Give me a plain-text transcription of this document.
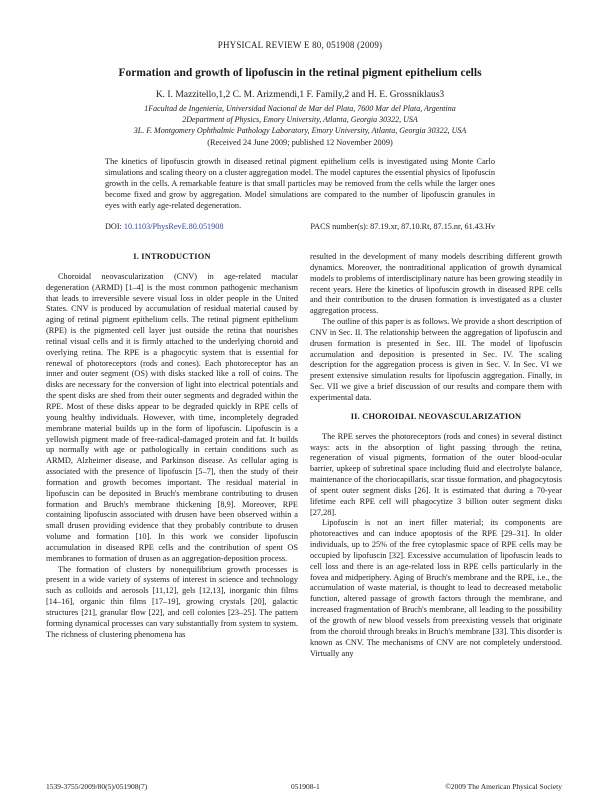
PHYSICAL REVIEW E 80, 051908 (2009)
Formation and growth of lipofuscin in the retinal pigment epithelium cells
K. I. Mazzitello,1,2 C. M. Arizmendi,1 F. Family,2 and H. E. Grossniklaus3
1Facultad de Ingeniería, Universidad Nacional de Mar del Plata, 7600 Mar del Plata, Argentina
2Department of Physics, Emory University, Atlanta, Georgia 30322, USA
3L. F. Montgomery Ophthalmic Pathology Laboratory, Emory University, Atlanta, Georgia 30322, USA
(Received 24 June 2009; published 12 November 2009)
The kinetics of lipofuscin growth in diseased retinal pigment epithelium cells is investigated using Monte Carlo simulations and scaling theory on a cluster aggregation model. The model captures the essential physics of lipofuscin growth in the cells. A remarkable feature is that small particles may be removed from the cells while the larger ones become fixed and grow by aggregation. Model simulations are compared to the number of lipofuscin granules in eyes with early age-related degeneration.
DOI: 10.1103/PhysRevE.80.051908	PACS number(s): 87.19.xr, 87.10.Rt, 87.15.nr, 61.43.Hv
I. INTRODUCTION

Choroidal neovascularization (CNV) in age-related macular degeneration (ARMD) [1–4] is the most common pathogenic mechanism that leads to irreversible severe visual loss in older people in the United States. CNV is produced by accumulation of residual material caused by aging of retinal pigment epithelium cells. The retinal pigment epithelium (RPE) is the pigmented cell layer just outside the retina that nourishes retinal visual cells and it is firmly attached to the underlying choroid and overlying retina. The RPE is a phagocytic system that is essential for renewal of photoreceptors (rods and cones). Each photoreceptor has an inner and outer segment (OS) with disks stacked like a roll of coins. The disks are necessary for the conversion of light into electrical potentials and the spent disks are shed from their outer segments and degraded within the RPE. Most of these disks appear to be degraded quickly in RPE cells of young healthy individuals. However, with time, incompletely degraded membrane material builds up in the form of lipofuscin. Lipofuscin is a yellowish pigment made of free-radical-damaged protein and fat. It builds up normally with age or pathologically in certain conditions such as ARMD, Alzheimer disease, and Parkinson disease. As cellular aging is associated with the presence of lipofuscin [5–7], then the study of their formation and growth becomes important. The residual material in lipofuscin can be deposited in Bruch's membrane contributing to drusen formation and Bruch's membrane thickening [8,9]. Moreover, RPE containing lipofuscin associated with drusen have been observed within a small drusen providing evidence that they probably contribute to drusen volume and formation [10]. In this work we consider lipofuscin accumulation in diseased RPE cells and the contribution of spent OS membranes to formation of drusen as an aggregation-deposition process.

The formation of clusters by nonequilibrium growth processes is present in a wide variety of systems of interest in science and technology such as colloids and aerosols [11,12], gels [12,13], inorganic thin films [14–16], organic thin films [17–19], growing crystals [20], galactic structures [21], granular flow [22], and cell colonies [23–25]. The pattern forming dynamical processes can vary substantially from system to system. The richness of clustering phenomena has

resulted in the development of many models describing different growth dynamics. Moreover, the nontraditional application of growth dynamical models to problems of interdisciplinary nature has been growing steadily in recent years. Here the kinetics of lipofuscin growth in diseased RPE cells and their contribution to the drusen formation is investigated as a cluster aggregation process.

The outline of this paper is as follows. We provide a short description of CNV in Sec. II. The relationship between the aggregation of lipofuscin and drusen formation is presented in Sec. III. The model of lipofuscin accumulation and deposition is presented in Sec. IV. The scaling description for the aggregation process is given in Sec. V. In Sec. VI we present extensive simulation results for lipofuscin aggregation. Finally, in Sec. VII we give a brief discussion of our results and compare them with experimental data.

II. CHOROIDAL NEOVASCULARIZATION

The RPE serves the photoreceptors (rods and cones) in several distinct ways: acts in the absorption of light passing through the retina, regeneration of visual pigments, formation of the outer blood-ocular barrier, upkeep of subretinal space including fluid and electrolyte balance, maintenance of the choriocapillaris, scar tissue formation, and phagocytosis of spent outer segment disks [26]. It is estimated that during a 70-year lifetime each RPE cell will phagocytize 3 billion outer segment disks [27,28].

Lipofuscin is not an inert filler material; its components are photoreactives and can induce apoptosis of the RPE [29–31]. In older individuals, up to 25% of the free cytoplasmic space of RPE cells may be occupied by lipofuscin [32]. Excessive accumulation of lipofuscin leads to cell loss and there is an age-related loss in RPE cells particularly in the fovea and midperiphery. Aging of Bruch's membrane and the RPE, i.e., the accumulation of waste material, is thought to lead to decreased metabolic function, altered passage of growth factors through the membrane, and increased fragmentation of Bruch's membrane, all leading to the possibility of the growth of new blood vessels from preexisting vessels that originate from the choroid through breaks in Bruch's membrane [33]. This disorder is known as CNV. The mechanisms of CNV are not completely understood. Virtually any

1539-3755/2009/80(5)/051908(7)	051908-1	©2009 The American Physical Society
